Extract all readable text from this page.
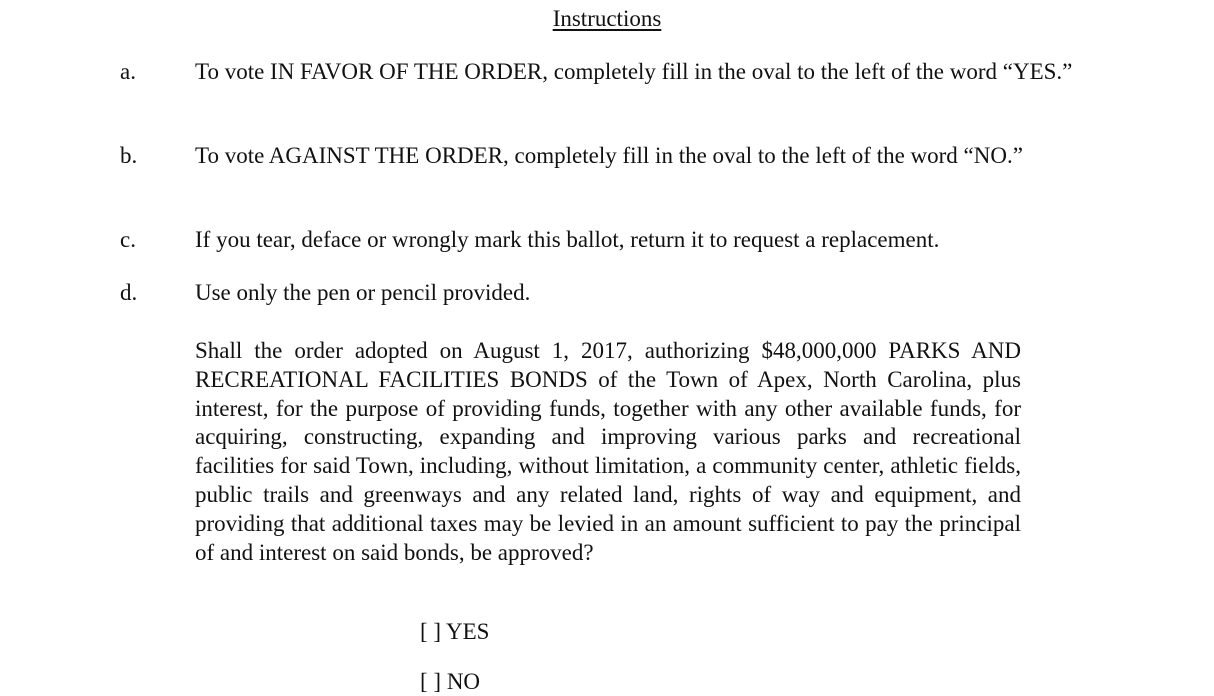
Instructions
a.	To vote IN FAVOR OF THE ORDER, completely fill in the oval to the left of the word “YES.”
b.	To vote AGAINST THE ORDER, completely fill in the oval to the left of the word “NO.”
c.	If you tear, deface or wrongly mark this ballot, return it to request a replacement.
d.	Use only the pen or pencil provided.
Shall the order adopted on August 1, 2017, authorizing $48,000,000 PARKS AND RECREATIONAL FACILITIES BONDS of the Town of Apex, North Carolina, plus interest, for the purpose of providing funds, together with any other available funds, for acquiring, constructing, expanding and improving various parks and recreational facilities for said Town, including, without limitation, a community center, athletic fields, public trails and greenways and any related land, rights of way and equipment, and providing that additional taxes may be levied in an amount sufficient to pay the principal of and interest on said bonds, be approved?
[ ] YES
[ ] NO
